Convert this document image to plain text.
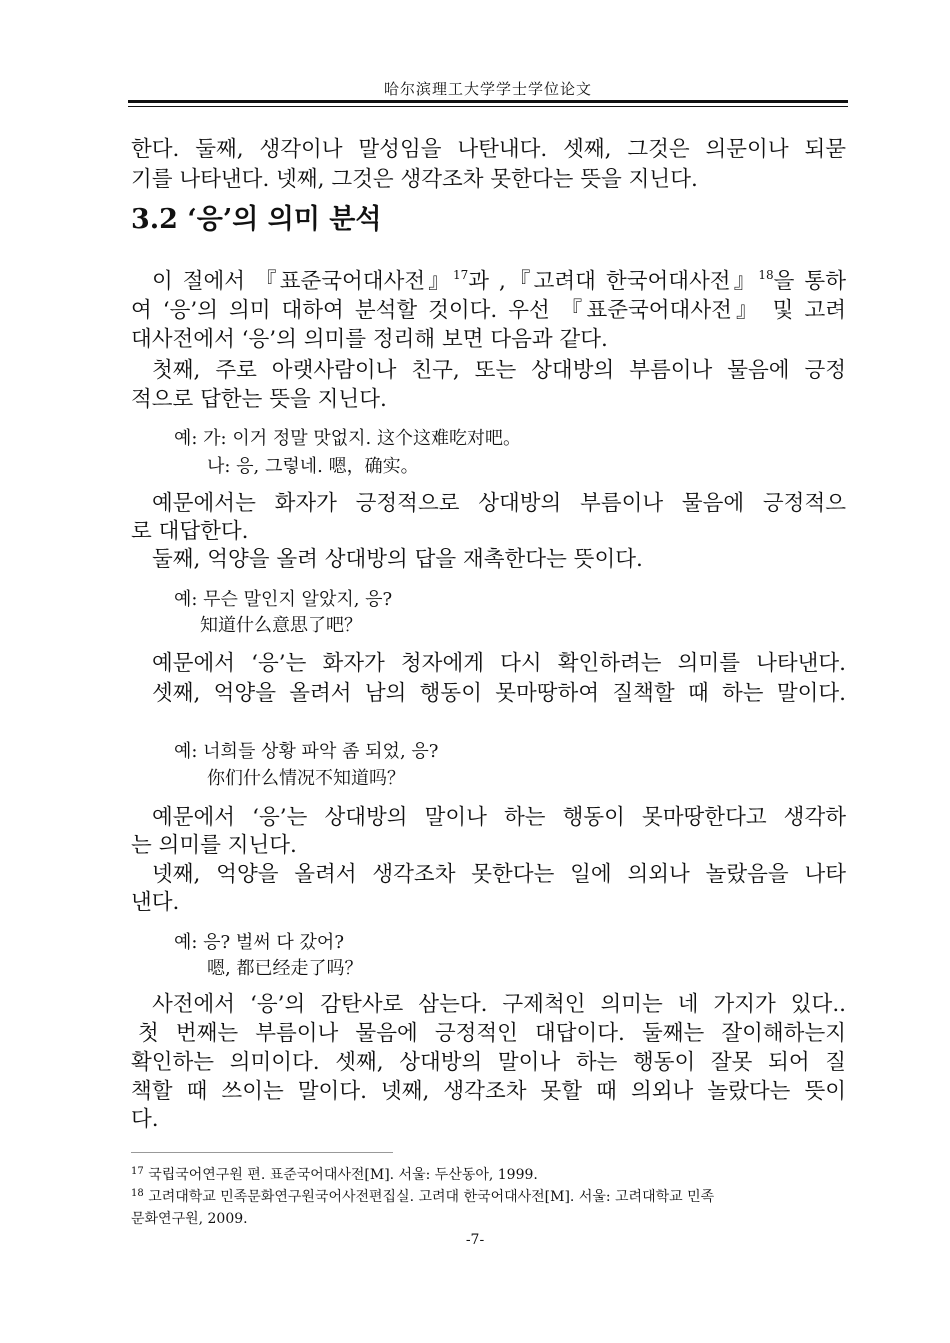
哈尔滨理工大学学士学位论文
한다. 둘째, 생각이나 말성임을 나탄내다. 셋째, 그것은 의문이나 되묻
기를 나타낸다. 넷째, 그것은 생각조차 못한다는 뜻을 지닌다.
3.2 ‘응’의 의미 분석
이 절에서 『표준국어대사전』$^{17}$과 ,『고려대 한국어대사전』$^{18}$을 통하
여 ‘응’의 의미 대하여 분석할 것이다. 우선 『표준국어대사전』 및 고려
대사전에서 ‘응’의 의미를 정리해 보면 다음과 같다.
첫째, 주로 아랫사람이나 친구, 또는 상대방의 부름이나 물음에 긍정
적으로 답한는 뜻을 지닌다.
예: 가: 이거 정말 맛없지. 这个这难吃对吧。
나: 응, 그렇네. 嗯，确实。
예문에서는 화자가 긍정적으로 상대방의 부름이나 물음에 긍정적으
로 대답한다.
둘째, 억양을 올려 상대방의 답을 재촉한다는 뜻이다.
예: 무슨 말인지 알았지, 응?
知道什么意思了吧？
예문에서 ‘응’는 화자가 청자에게 다시 확인하려는 의미를 나타낸다.
셋째, 억양을 올려서 남의 행동이 못마땅하여 질책할 때 하는 말이다.
예: 너희들 상황 파악 좀 되었, 응?
你们什么情况不知道吗？
예문에서 ‘응’는 상대방의 말이나 하는 행동이 못마땅한다고 생각하
는 의미를 지닌다.
넷째, 억양을 올려서 생각조차 못한다는 일에 의외나 놀랐음을 나타
낸다.
예: 응? 벌써 다 갔어?
嗯, 都已经走了吗？
사전에서 ‘응’의 감탄사로 삼는다. 구제척인 의미는 네 가지가 있다..
첫 번째는 부름이나 물음에 긍정적인 대답이다. 둘째는 잘이해하는지
확인하는 의미이다. 셋째, 상대방의 말이나 하는 행동이 잘못 되어 질
책할 때 쓰이는 말이다. 넷째, 생각조차 못할 때 의외나 놀랐다는 뜻이
다.
$^{17}$ 국립국어연구원 편. 표준국어대사전[M]. 서울: 두산동아, 1999.
$^{18}$ 고려대학교 민족문화연구원국어사전편집실. 고려대 한국어대사전[M]. 서울: 고려대학교 민족
문화연구원, 2009.
-7-
